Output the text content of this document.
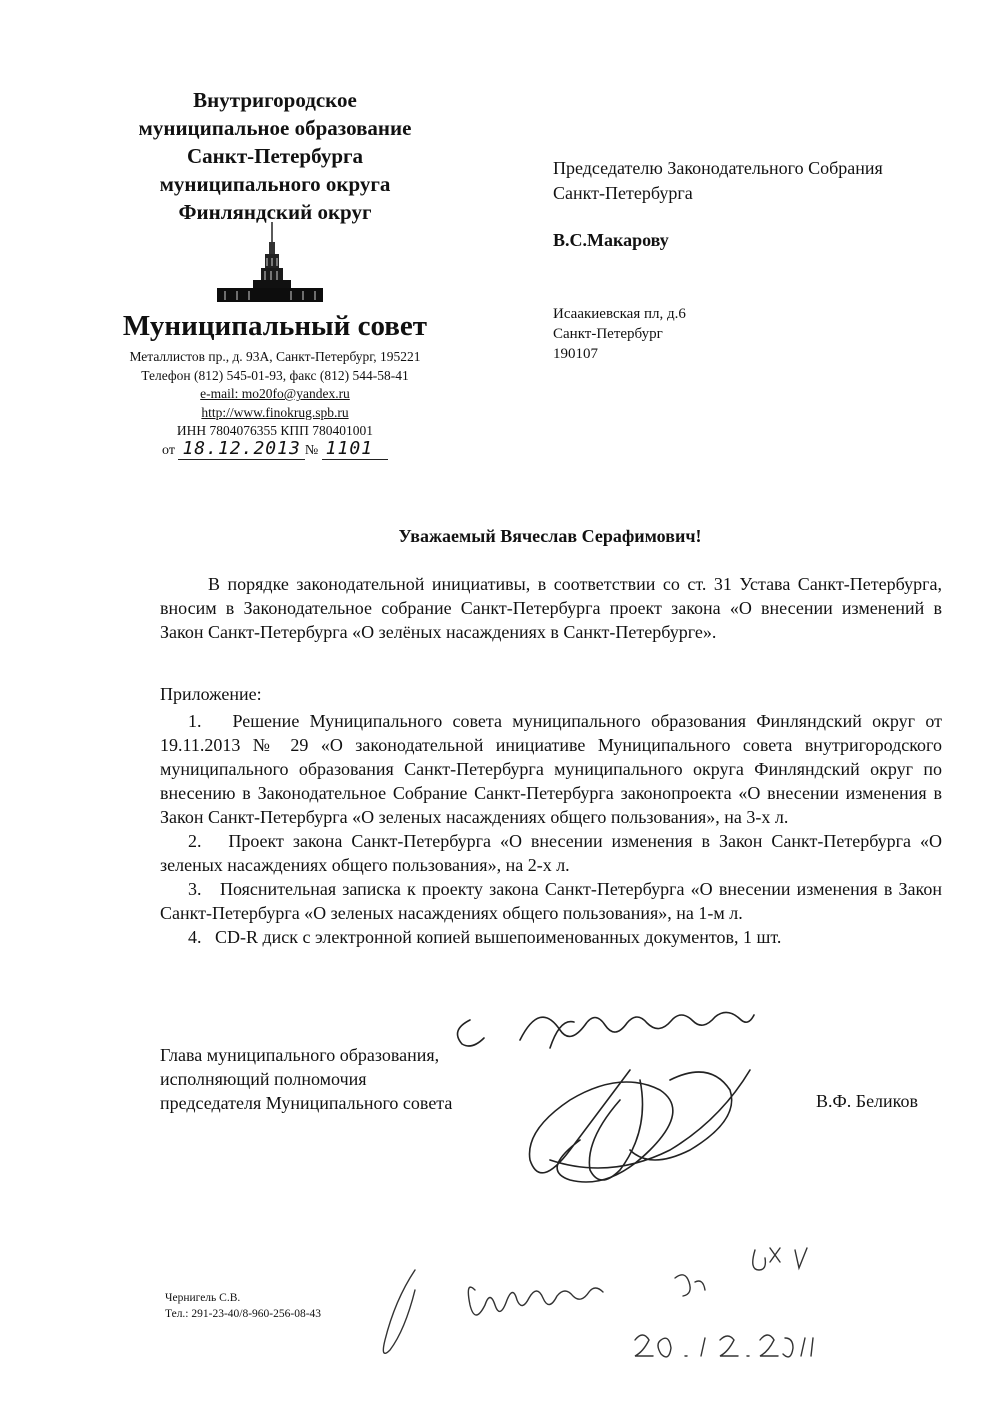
Внутригородское
муниципальное образование
Санкт-Петербурга
муниципального округа
Финляндский округ
Муниципальный совет
Металлистов пр., д. 93А, Санкт-Петербург, 195221
Телефон (812) 545-01-93, факс (812) 544-58-41
e-mail: mo20fo@yandex.ru
http://www.finokrug.spb.ru
ИНН 7804076355 КПП 780401001
от 18.12.2013 № 1101
Председателю Законодательного Собрания
Санкт-Петербурга
В.С.Макарову
Исаакиевская пл, д.6
Санкт-Петербург
190107
Уважаемый Вячеслав Серафимович!

В порядке законодательной инициативы, в соответствии со ст. 31 Устава Санкт-Петербурга, вносим в Законодательное собрание Санкт-Петербурга проект закона «О внесении изменений в Закон Санкт-Петербурга «О зелёных насаждениях в Санкт-Петербурге».

Приложение:

1. Решение Муниципального совета муниципального образования Финляндский округ от 19.11.2013 № 29 «О законодательной инициативе Муниципального совета внутригородского муниципального образования Санкт-Петербурга муниципального округа Финляндский округ по внесению в Законодательное Собрание Санкт-Петербурга законопроекта «О внесении изменения в Закон Санкт-Петербурга «О зеленых насаждениях общего пользования», на 3-х л.

2. Проект закона Санкт-Петербурга «О внесении изменения в Закон Санкт-Петербурга «О зеленых насаждениях общего пользования», на 2-х л.

3. Пояснительная записка к проекту закона Санкт-Петербурга «О внесении изменения в Закон Санкт-Петербурга «О зеленых насаждениях общего пользования», на 1-м л.

4. CD-R диск с электронной копией вышепоименованных документов, 1 шт.

Глава муниципального образования,
исполняющий полномочия
председателя Муниципального совета	В.Ф. Беликов
Чернигель С.В.
Тел.: 291-23-40/8-960-256-08-43
